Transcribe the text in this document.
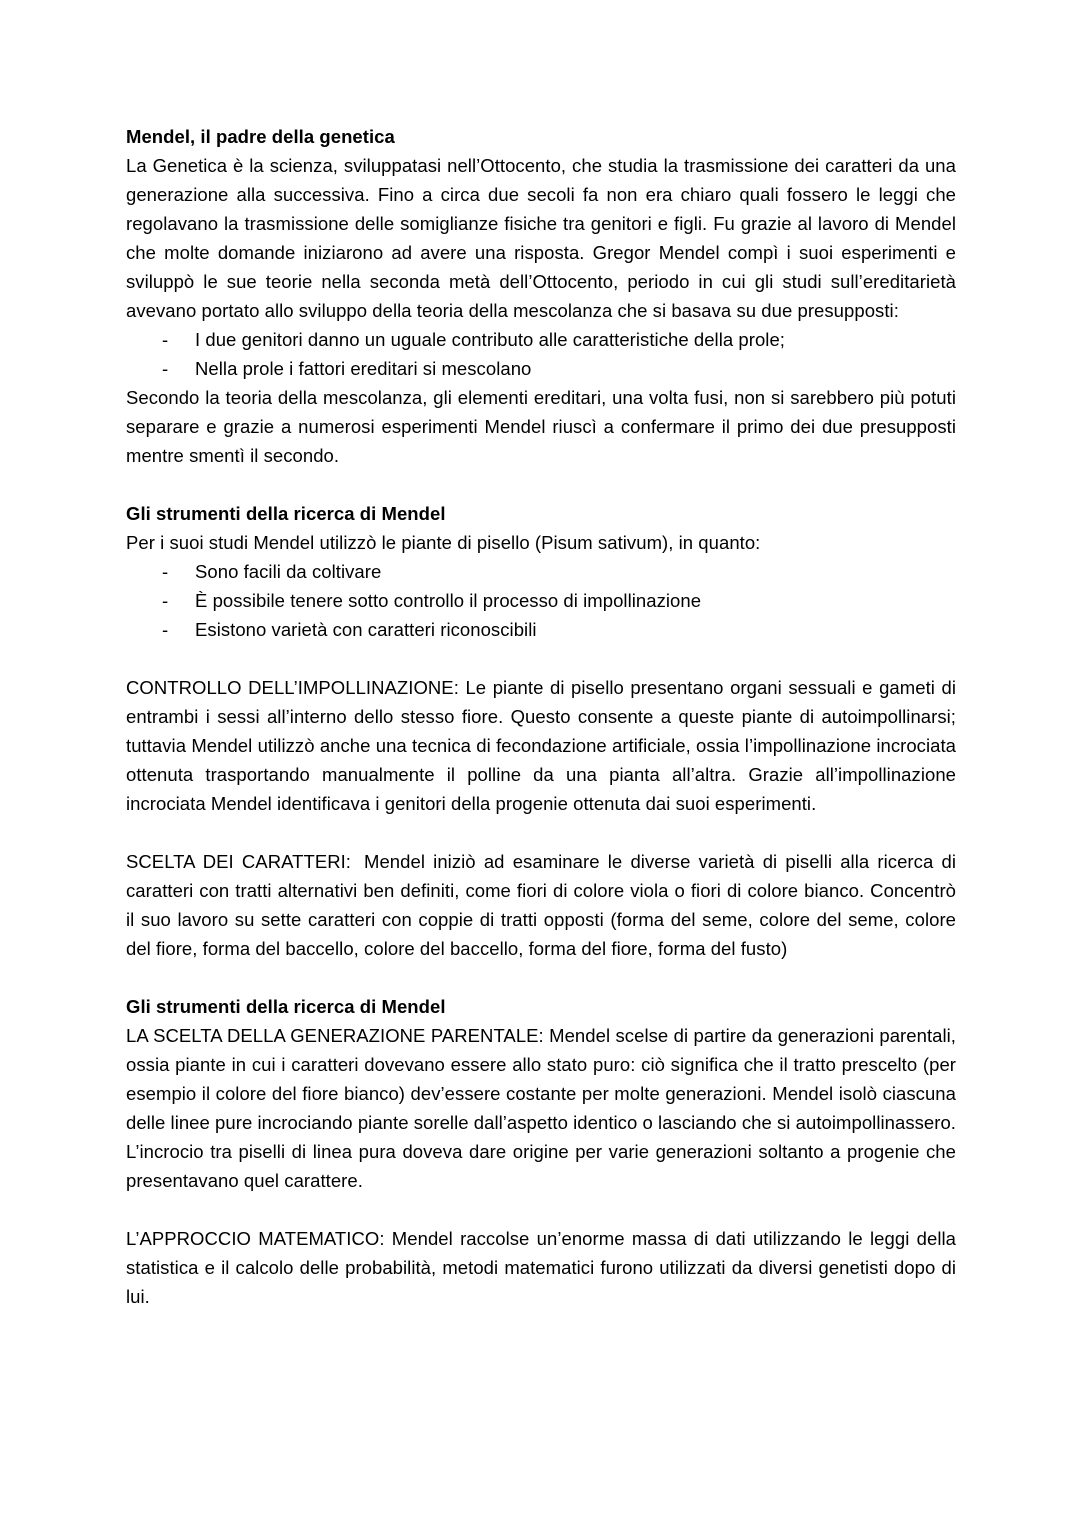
Mendel, il padre della genetica
La Genetica è la scienza, sviluppatasi nell’Ottocento, che studia la trasmissione dei caratteri da una generazione alla successiva. Fino a circa due secoli fa non era chiaro quali fossero le leggi che regolavano la trasmissione delle somiglianze fisiche tra genitori e figli. Fu grazie al lavoro di Mendel che molte domande iniziarono ad avere una risposta. Gregor Mendel compì i suoi esperimenti e sviluppò le sue teorie nella seconda metà dell’Ottocento, periodo in cui gli studi sull’ereditarietà avevano portato allo sviluppo della teoria della mescolanza che si basava su due presupposti:
- I due genitori danno un uguale contributo alle caratteristiche della prole;
- Nella prole i fattori ereditari si mescolano
Secondo la teoria della mescolanza, gli elementi ereditari, una volta fusi, non si sarebbero più potuti separare e grazie a numerosi esperimenti Mendel riuscì a confermare il primo dei due presupposti mentre smentì il secondo.
Gli strumenti della ricerca di Mendel
Per i suoi studi Mendel utilizzò le piante di pisello (Pisum sativum), in quanto:
- Sono facili da coltivare
- È possibile tenere sotto controllo il processo di impollinazione
- Esistono varietà con caratteri riconoscibili
CONTROLLO DELL’IMPOLLINAZIONE: Le piante di pisello presentano organi sessuali e gameti di entrambi i sessi all’interno dello stesso fiore. Questo consente a queste piante di autoimpollinarsi; tuttavia Mendel utilizzò anche una tecnica di fecondazione artificiale, ossia l’impollinazione incrociata ottenuta trasportando manualmente il polline da una pianta all’altra. Grazie all’impollinazione incrociata Mendel identificava i genitori della progenie ottenuta dai suoi esperimenti.
SCELTA DEI CARATTERI: Mendel iniziò ad esaminare le diverse varietà di piselli alla ricerca di caratteri con tratti alternativi ben definiti, come fiori di colore viola o fiori di colore bianco. Concentrò il suo lavoro su sette caratteri con coppie di tratti opposti (forma del seme, colore del seme, colore del fiore, forma del baccello, colore del baccello, forma del fiore, forma del fusto)
Gli strumenti della ricerca di Mendel
LA SCELTA DELLA GENERAZIONE PARENTALE: Mendel scelse di partire da generazioni parentali, ossia piante in cui i caratteri dovevano essere allo stato puro: ciò significa che il tratto prescelto (per esempio il colore del fiore bianco) dev’essere costante per molte generazioni. Mendel isolò ciascuna delle linee pure incrociando piante sorelle dall’aspetto identico o lasciando che si autoimpollinassero. L’incrocio tra piselli di linea pura doveva dare origine per varie generazioni soltanto a progenie che presentavano quel carattere.
L’APPROCCIO MATEMATICO: Mendel raccolse un’enorme massa di dati utilizzando le leggi della statistica e il calcolo delle probabilità, metodi matematici furono utilizzati da diversi genetisti dopo di lui.
